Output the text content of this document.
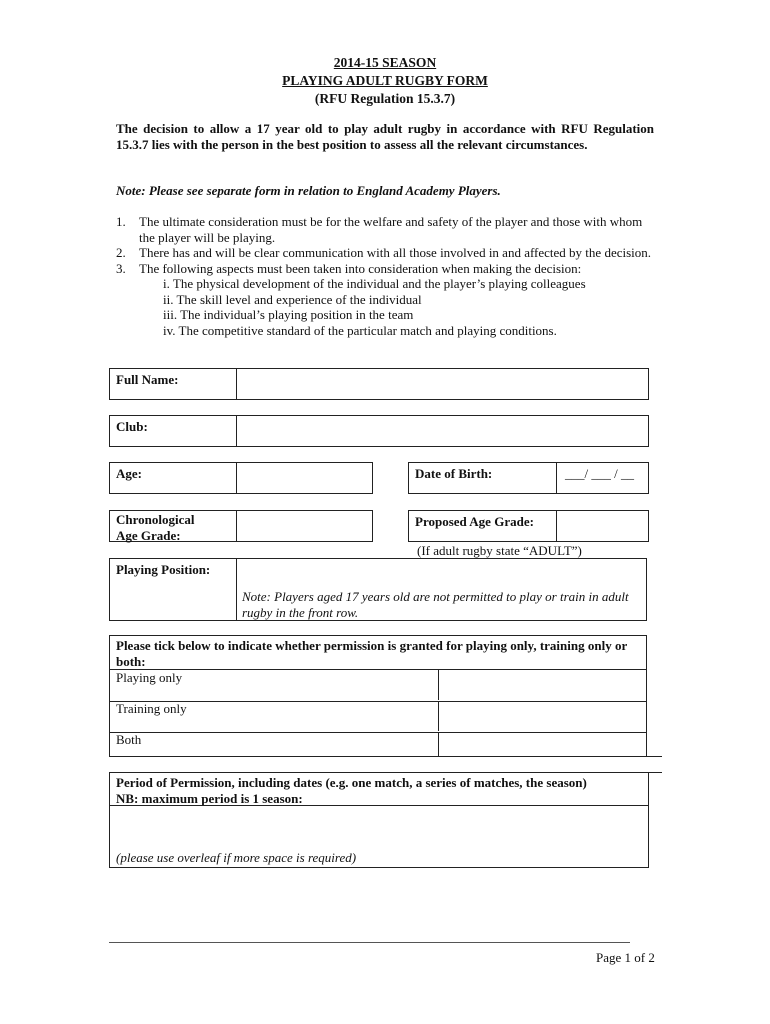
2014-15 SEASON
PLAYING ADULT RUGBY FORM
(RFU Regulation 15.3.7)
The decision to allow a 17 year old to play adult rugby in accordance with RFU Regulation 15.3.7 lies with the person in the best position to assess all the relevant circumstances.
Note: Please see separate form in relation to England Academy Players.
1. The ultimate consideration must be for the welfare and safety of the player and those with whom the player will be playing.
2. There has and will be clear communication with all those involved in and affected by the decision.
3. The following aspects must been taken into consideration when making the decision:
i. The physical development of the individual and the player’s playing colleagues
ii. The skill level and experience of the individual
iii. The individual’s playing position in the team
iv. The competitive standard of the particular match and playing conditions.
Full Name:
Club:
Age:	Date of Birth:	___/ ___ / __
Chronological
Age Grade:
Proposed Age Grade:
(If adult rugby state “ADULT”)
Playing Position:
Note: Players aged 17 years old are not permitted to play or train in adult rugby in the front row.
Please tick below to indicate whether permission is granted for playing only, training only or both:
Playing only
Training only
Both
Period of Permission, including dates (e.g. one match, a series of matches, the season)
NB: maximum period is 1 season:
(please use overleaf if more space is required)
Page 1 of 2
